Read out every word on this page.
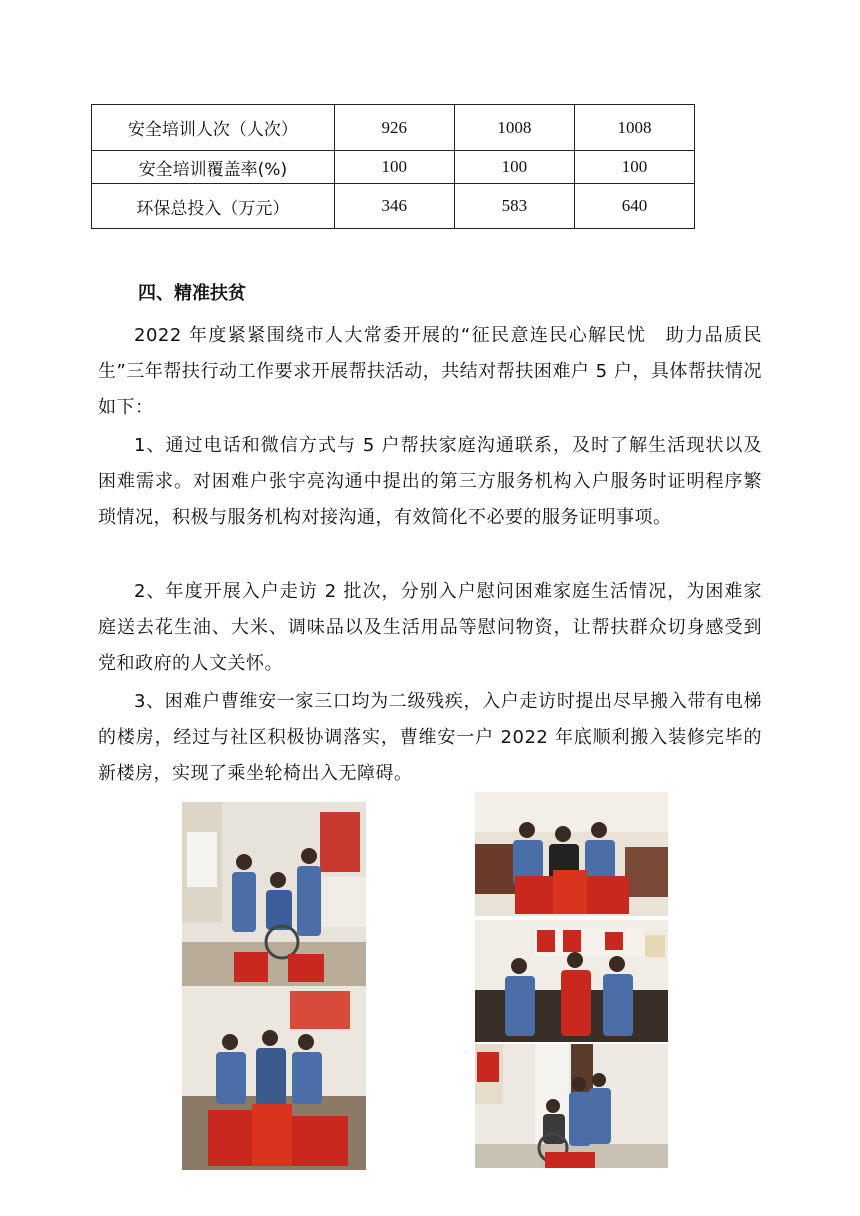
安全培训人次（人次）	926	1008	1008
安全培训覆盖率(%)	100	100	100
环保总投入（万元）	346	583	640
四、精准扶贫

2022 年度紧紧围绕市人大常委开展的“征民意连民心解民忧　助力品质民生”三年帮扶行动工作要求开展帮扶活动，共结对帮扶困难户 5 户，具体帮扶情况如下：

1、通过电话和微信方式与 5 户帮扶家庭沟通联系，及时了解生活现状以及困难需求。对困难户张宇亮沟通中提出的第三方服务机构入户服务时证明程序繁琐情况，积极与服务机构对接沟通，有效简化不必要的服务证明事项。

2、年度开展入户走访 2 批次，分别入户慰问困难家庭生活情况，为困难家庭送去花生油、大米、调味品以及生活用品等慰问物资，让帮扶群众切身感受到党和政府的人文关怀。

3、困难户曹维安一家三口均为二级残疾，入户走访时提出尽早搬入带有电梯的楼房，经过与社区积极协调落实，曹维安一户 2022 年底顺利搬入装修完毕的新楼房，实现了乘坐轮椅出入无障碍。
